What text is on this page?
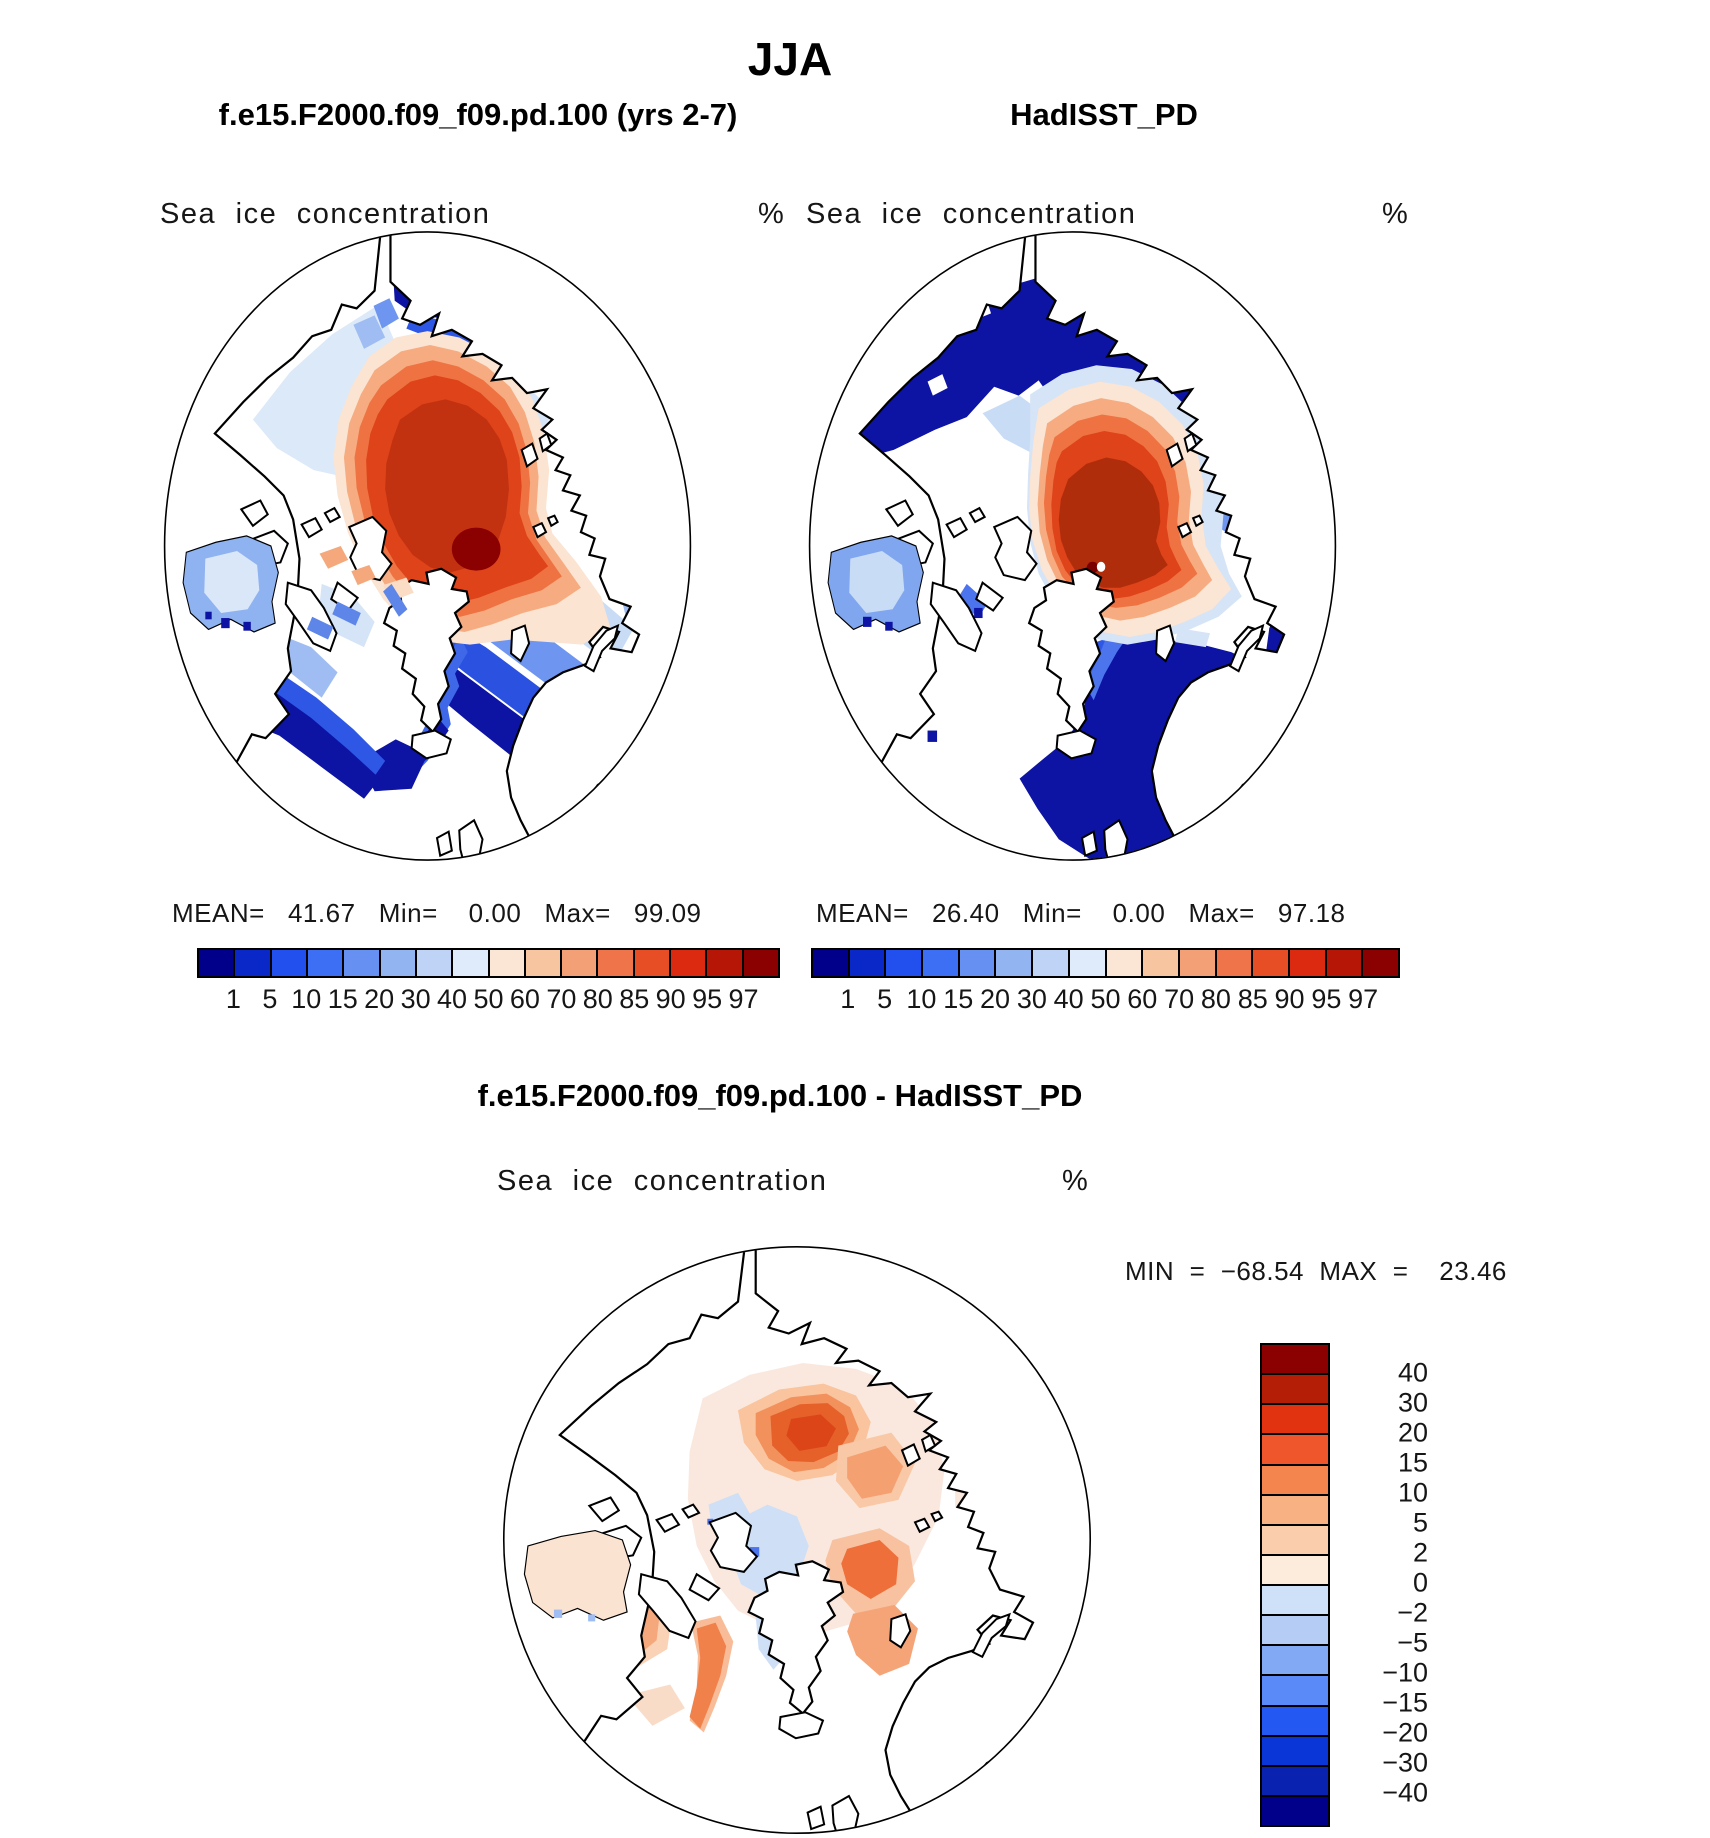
JJA
f.e15.F2000.f09_f09.pd.100 (yrs 2-7)	HadISST_PD
Sea ice concentration	% Sea ice concentration	%
MEAN=   41.67   Min=    0.00   Max=   99.09	MEAN=   26.40   Min=    0.00   Max=   97.18
1 5 10 15 20 30 40 50 60 70 80 85 90 95 97	1 5 10 15 20 30 40 50 60 70 80 85 90 95 97
f.e15.F2000.f09_f09.pd.100 - HadISST_PD
Sea ice concentration	%
MIN  =  −68.54  MAX  =    23.46
40
30
20
15
10
5
2
0
−2
−5
−10
−15
−20
−30
−40
